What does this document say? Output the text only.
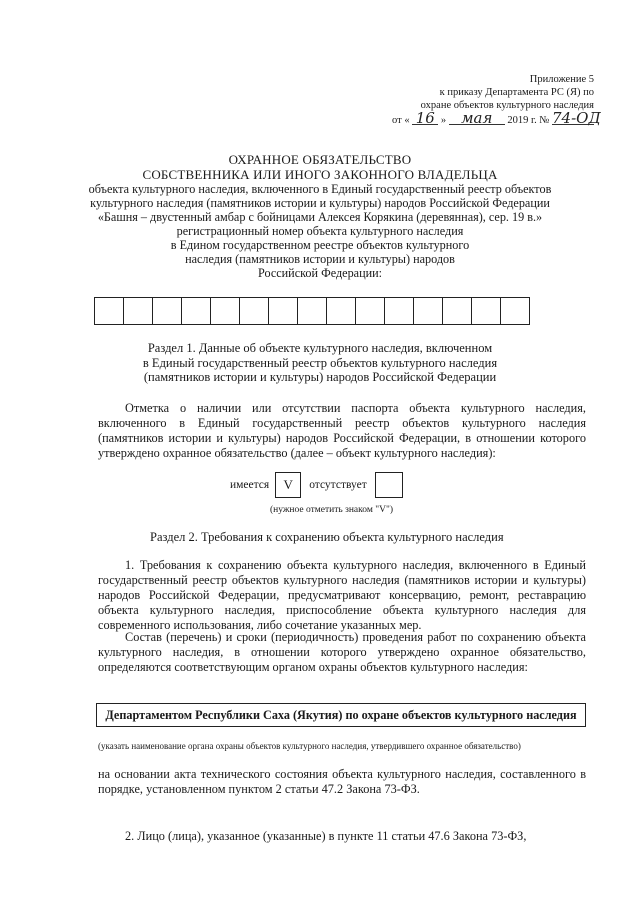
Приложение 5
к приказу Департамента РС (Я) по
охране объектов культурного наследия
от « 16 » мая 2019 г. № 74-ОД
ОХРАННОЕ ОБЯЗАТЕЛЬСТВО
СОБСТВЕННИКА ИЛИ ИНОГО ЗАКОННОГО ВЛАДЕЛЬЦА
объекта культурного наследия, включенного в Единый государственный реестр объектов
культурного наследия (памятников истории и культуры) народов Российской Федерации
«Башня – двустенный амбар с бойницами Алексея Корякина (деревянная), сер. 19 в.»
регистрационный номер объекта культурного наследия
в Едином государственном реестре объектов культурного
наследия (памятников истории и культуры) народов
Российской Федерации:
Раздел 1. Данные об объекте культурного наследия, включенном
в Единый государственный реестр объектов культурного наследия
(памятников истории и культуры) народов Российской Федерации
Отметка о наличии или отсутствии паспорта объекта культурного наследия, включенного в Единый государственный реестр объектов культурного наследия (памятников истории и культуры) народов Российской Федерации, в отношении которого утверждено охранное обязательство (далее – объект культурного наследия):
имеется V отсутствует
(нужное отметить знаком "V")
Раздел 2. Требования к сохранению объекта культурного наследия
1. Требования к сохранению объекта культурного наследия, включенного в Единый государственный реестр объектов культурного наследия (памятников истории и культуры) народов Российской Федерации, предусматривают консервацию, ремонт, реставрацию объекта культурного наследия, приспособление объекта культурного наследия для современного использования, либо сочетание указанных мер.
Состав (перечень) и сроки (периодичность) проведения работ по сохранению объекта культурного наследия, в отношении которого утверждено охранное обязательство, определяются соответствующим органом охраны объектов культурного наследия:
Департаментом Республики Саха (Якутия) по охране объектов культурного наследия
(указать наименование органа охраны объектов культурного наследия, утвердившего охранное обязательство)
на основании акта технического состояния объекта культурного наследия, составленного в порядке, установленном пунктом 2 статьи 47.2 Закона 73-ФЗ.
2. Лицо (лица), указанное (указанные) в пункте 11 статьи 47.6 Закона 73-ФЗ,
